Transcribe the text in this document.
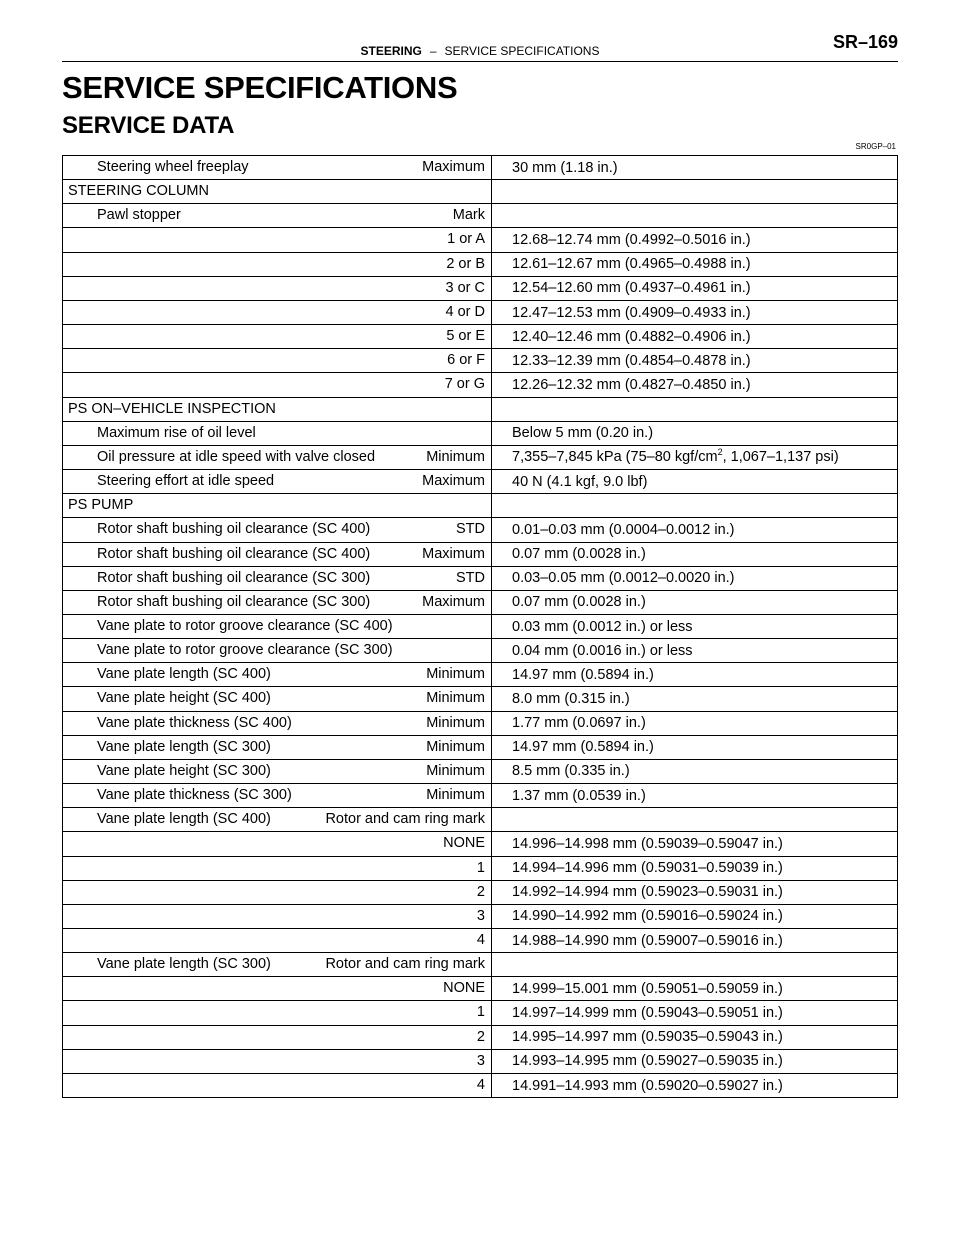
STEERING – SERVICE SPECIFICATIONS	SR–169
SERVICE SPECIFICATIONS
SERVICE DATA
SR0GP–01
Steering wheel freeplay Maximum	30 mm (1.18 in.)

STEERING COLUMN	

Pawl stopper Mark	

1 or A	12.68–12.74 mm (0.4992–0.5016 in.)

2 or B	12.61–12.67 mm (0.4965–0.4988 in.)

3 or C	12.54–12.60 mm (0.4937–0.4961 in.)

4 or D	12.47–12.53 mm (0.4909–0.4933 in.)

5 or E	12.40–12.46 mm (0.4882–0.4906 in.)

6 or F	12.33–12.39 mm (0.4854–0.4878 in.)

7 or G	12.26–12.32 mm (0.4827–0.4850 in.)

PS ON–VEHICLE INSPECTION	

Maximum rise of oil level	Below 5 mm (0.20 in.)

Oil pressure at idle speed with valve closed Minimum	7,355–7,845 kPa (75–80 kgf/$cm^2$, 1,067–1,137 psi)

Steering effort at idle speed Maximum	40 N (4.1 kgf, 9.0 lbf)

PS PUMP	

Rotor shaft bushing oil clearance (SC 400) STD	0.01–0.03 mm (0.0004–0.0012 in.)

Rotor shaft bushing oil clearance (SC 400) Maximum	0.07 mm (0.0028 in.)

Rotor shaft bushing oil clearance (SC 300) STD	0.03–0.05 mm (0.0012–0.0020 in.)

Rotor shaft bushing oil clearance (SC 300) Maximum	0.07 mm (0.0028 in.)

Vane plate to rotor groove clearance (SC 400)	0.03 mm (0.0012 in.) or less

Vane plate to rotor groove clearance (SC 300)	0.04 mm (0.0016 in.) or less

Vane plate length (SC 400) Minimum	14.97 mm (0.5894 in.)

Vane plate height (SC 400) Minimum	8.0 mm (0.315 in.)

Vane plate thickness (SC 400) Minimum	1.77 mm (0.0697 in.)

Vane plate length (SC 300) Minimum	14.97 mm (0.5894 in.)

Vane plate height (SC 300) Minimum	8.5 mm (0.335 in.)

Vane plate thickness (SC 300) Minimum	1.37 mm (0.0539 in.)

Vane plate length (SC 400) Rotor and cam ring mark	

NONE	14.996–14.998 mm (0.59039–0.59047 in.)

1	14.994–14.996 mm (0.59031–0.59039 in.)

2	14.992–14.994 mm (0.59023–0.59031 in.)

3	14.990–14.992 mm (0.59016–0.59024 in.)

4	14.988–14.990 mm (0.59007–0.59016 in.)

Vane plate length (SC 300) Rotor and cam ring mark	

NONE	14.999–15.001 mm (0.59051–0.59059 in.)

1	14.997–14.999 mm (0.59043–0.59051 in.)

2	14.995–14.997 mm (0.59035–0.59043 in.)

3	14.993–14.995 mm (0.59027–0.59035 in.)

4	14.991–14.993 mm (0.59020–0.59027 in.)
